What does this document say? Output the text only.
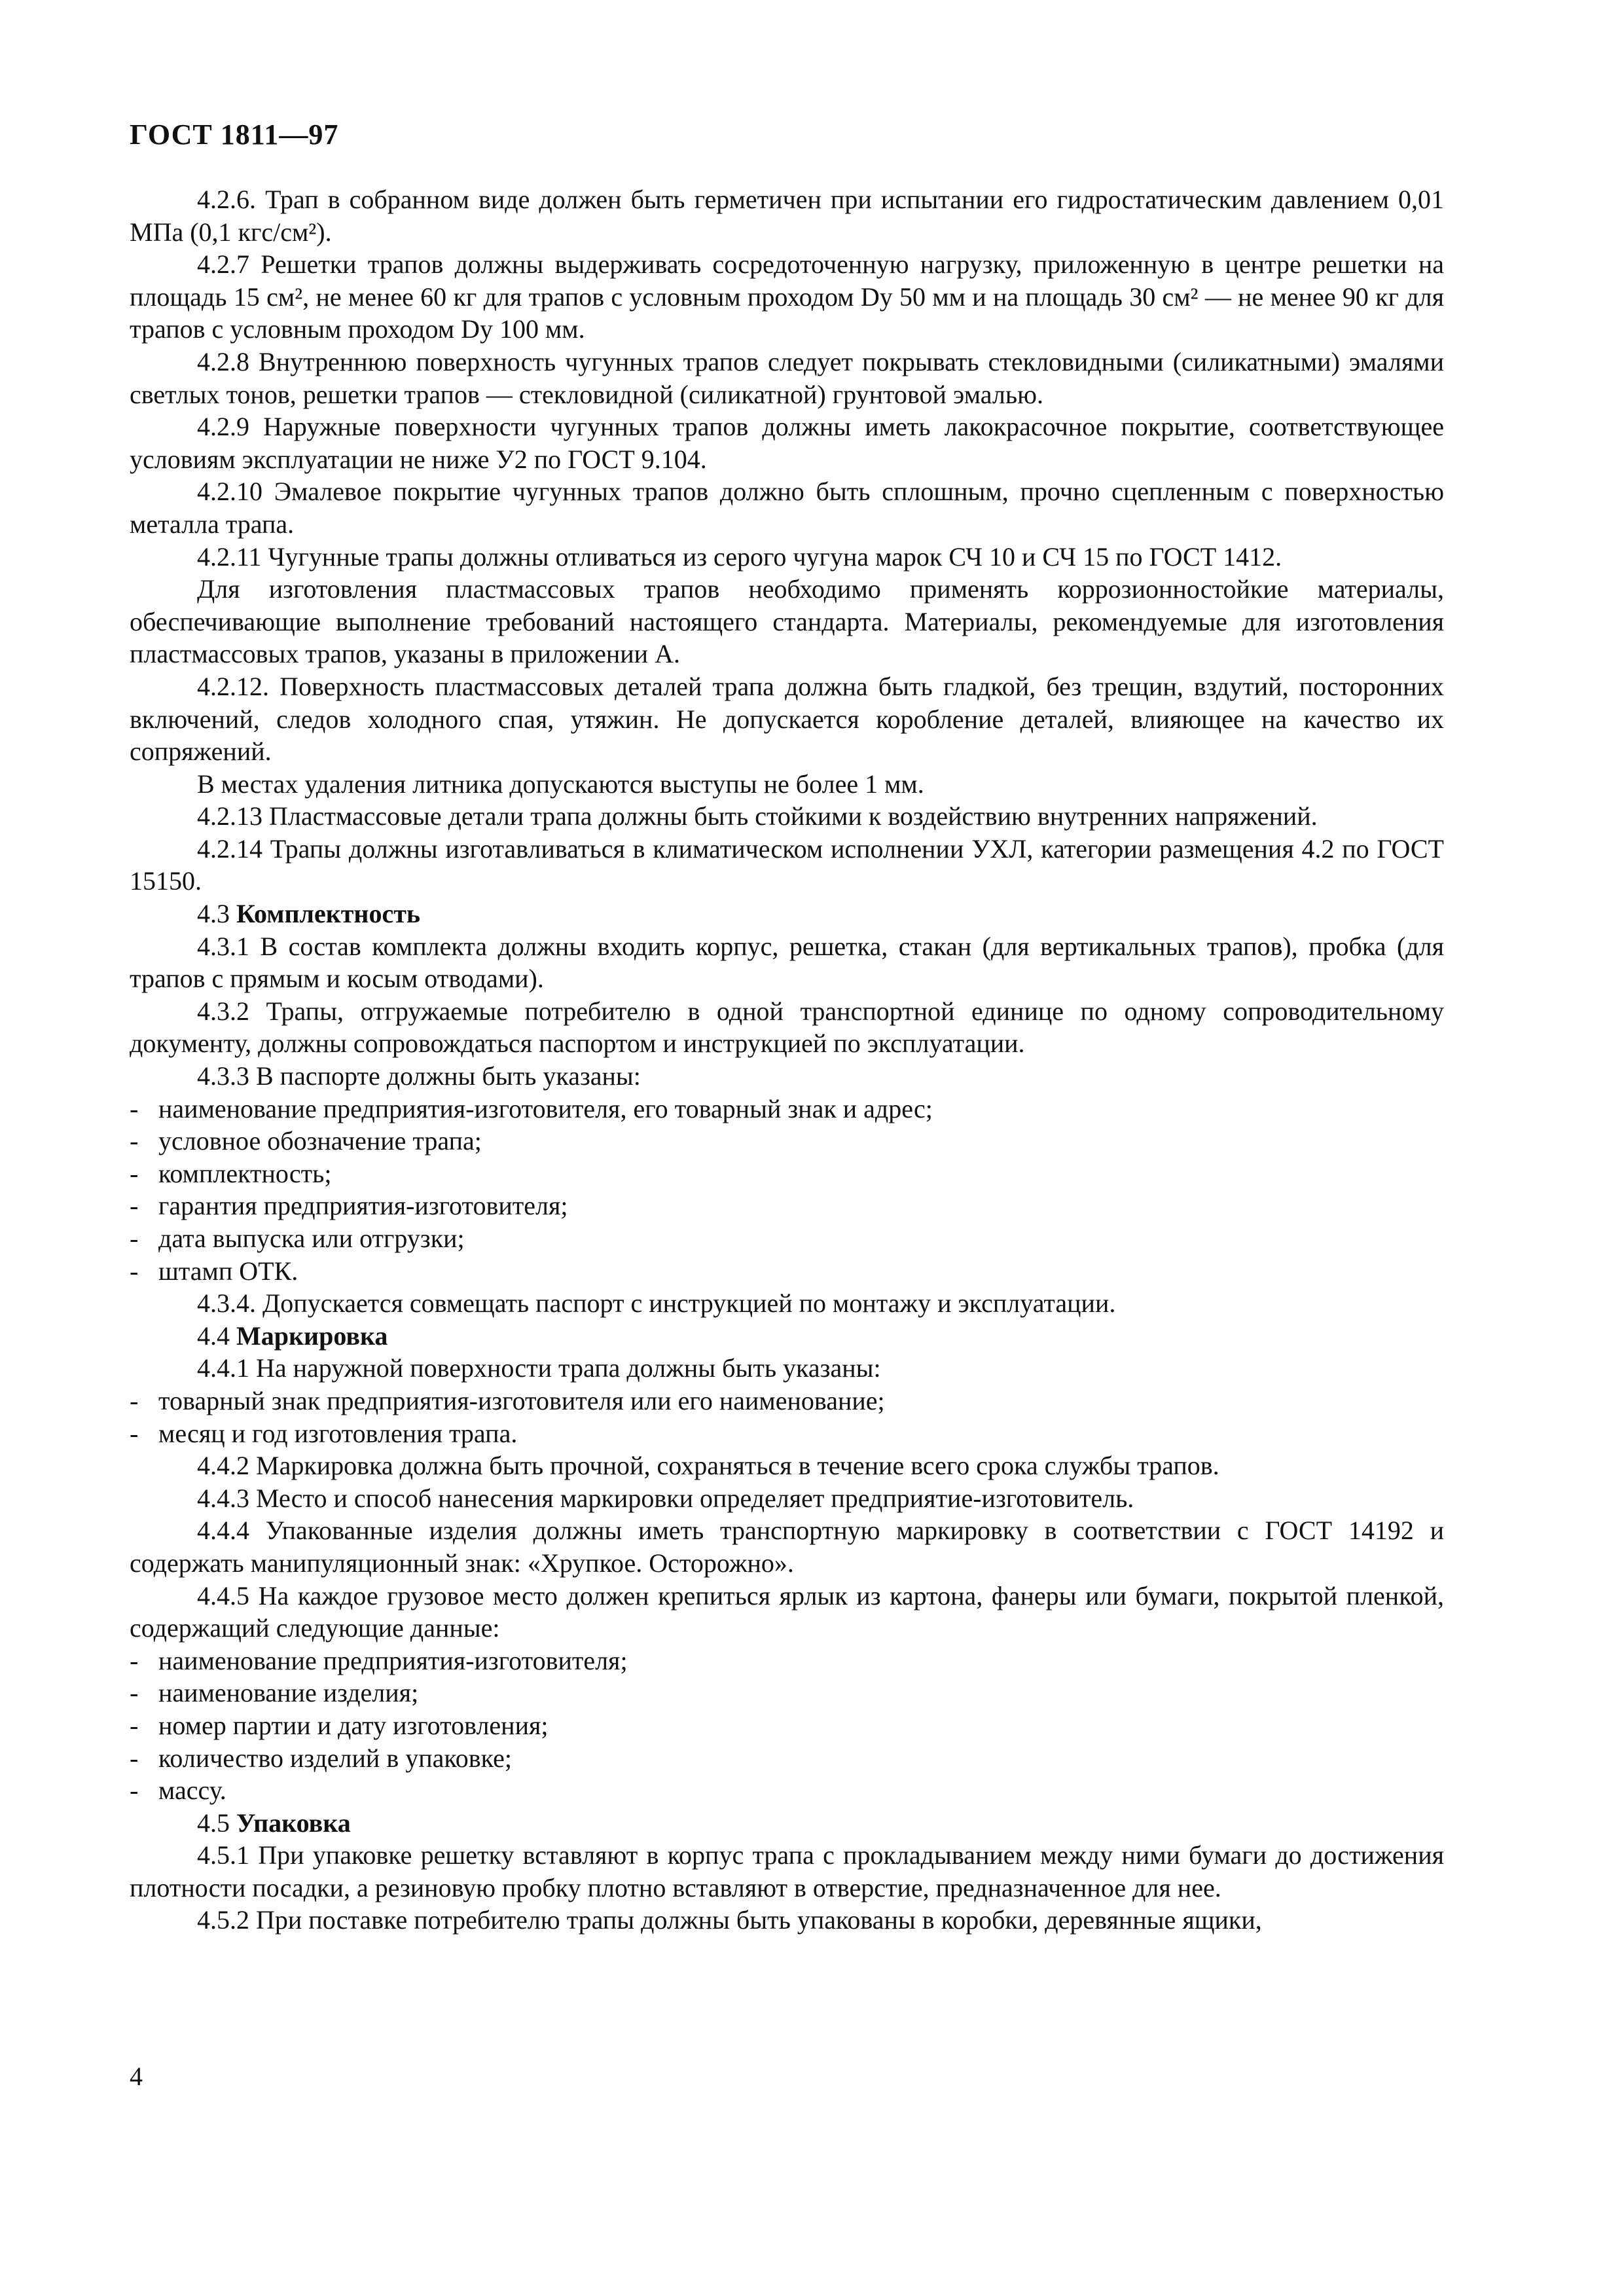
ГОСТ 1811—97

4.2.6. Трап в собранном виде должен быть герметичен при испытании его гидростатическим давлением 0,01 МПа (0,1 кгс/см²).

4.2.7 Решетки трапов должны выдерживать сосредоточенную нагрузку, приложенную в центре решетки на площадь 15 см², не менее 60 кг для трапов с условным проходом Dу 50 мм и на площадь 30 см² — не менее 90 кг для трапов с условным проходом Dу 100 мм.

4.2.8 Внутреннюю поверхность чугунных трапов следует покрывать стекловидными (силикатными) эмалями светлых тонов, решетки трапов — стекловидной (силикатной) грунтовой эмалью.

4.2.9 Наружные поверхности чугунных трапов должны иметь лакокрасочное покрытие, соответствующее условиям эксплуатации не ниже У2 по ГОСТ 9.104.

4.2.10 Эмалевое покрытие чугунных трапов должно быть сплошным, прочно сцепленным с поверхностью металла трапа.

4.2.11 Чугунные трапы должны отливаться из серого чугуна марок СЧ 10 и СЧ 15 по ГОСТ 1412.

Для изготовления пластмассовых трапов необходимо применять коррозионностойкие материалы, обеспечивающие выполнение требований настоящего стандарта. Материалы, рекомендуемые для изготовления пластмассовых трапов, указаны в приложении А.

4.2.12. Поверхность пластмассовых деталей трапа должна быть гладкой, без трещин, вздутий, посторонних включений, следов холодного спая, утяжин. Не допускается коробление деталей, влияющее на качество их сопряжений.

В местах удаления литника допускаются выступы не более 1 мм.

4.2.13 Пластмассовые детали трапа должны быть стойкими к воздействию внутренних напряжений.

4.2.14 Трапы должны изготавливаться в климатическом исполнении УХЛ, категории размещения 4.2 по ГОСТ 15150.

4.3 Комплектность

4.3.1 В состав комплекта должны входить корпус, решетка, стакан (для вертикальных трапов), пробка (для трапов с прямым и косым отводами).

4.3.2 Трапы, отгружаемые потребителю в одной транспортной единице по одному сопроводительному документу, должны сопровождаться паспортом и инструкцией по эксплуатации.

4.3.3 В паспорте должны быть указаны:

- наименование предприятия-изготовителя, его товарный знак и адрес;

- условное обозначение трапа;

- комплектность;

- гарантия предприятия-изготовителя;

- дата выпуска или отгрузки;

- штамп ОТК.

4.3.4. Допускается совмещать паспорт с инструкцией по монтажу и эксплуатации.

4.4 Маркировка

4.4.1 На наружной поверхности трапа должны быть указаны:

- товарный знак предприятия-изготовителя или его наименование;

- месяц и год изготовления трапа.

4.4.2 Маркировка должна быть прочной, сохраняться в течение всего срока службы трапов.

4.4.3 Место и способ нанесения маркировки определяет предприятие-изготовитель.

4.4.4 Упакованные изделия должны иметь транспортную маркировку в соответствии с ГОСТ 14192 и содержать манипуляционный знак: «Хрупкое. Осторожно».

4.4.5 На каждое грузовое место должен крепиться ярлык из картона, фанеры или бумаги, покрытой пленкой, содержащий следующие данные:

- наименование предприятия-изготовителя;

- наименование изделия;

- номер партии и дату изготовления;

- количество изделий в упаковке;

- массу.

4.5 Упаковка

4.5.1 При упаковке решетку вставляют в корпус трапа с прокладыванием между ними бумаги до достижения плотности посадки, а резиновую пробку плотно вставляют в отверстие, предназначенное для нее.

4.5.2 При поставке потребителю трапы должны быть упакованы в коробки, деревянные ящики,

4
